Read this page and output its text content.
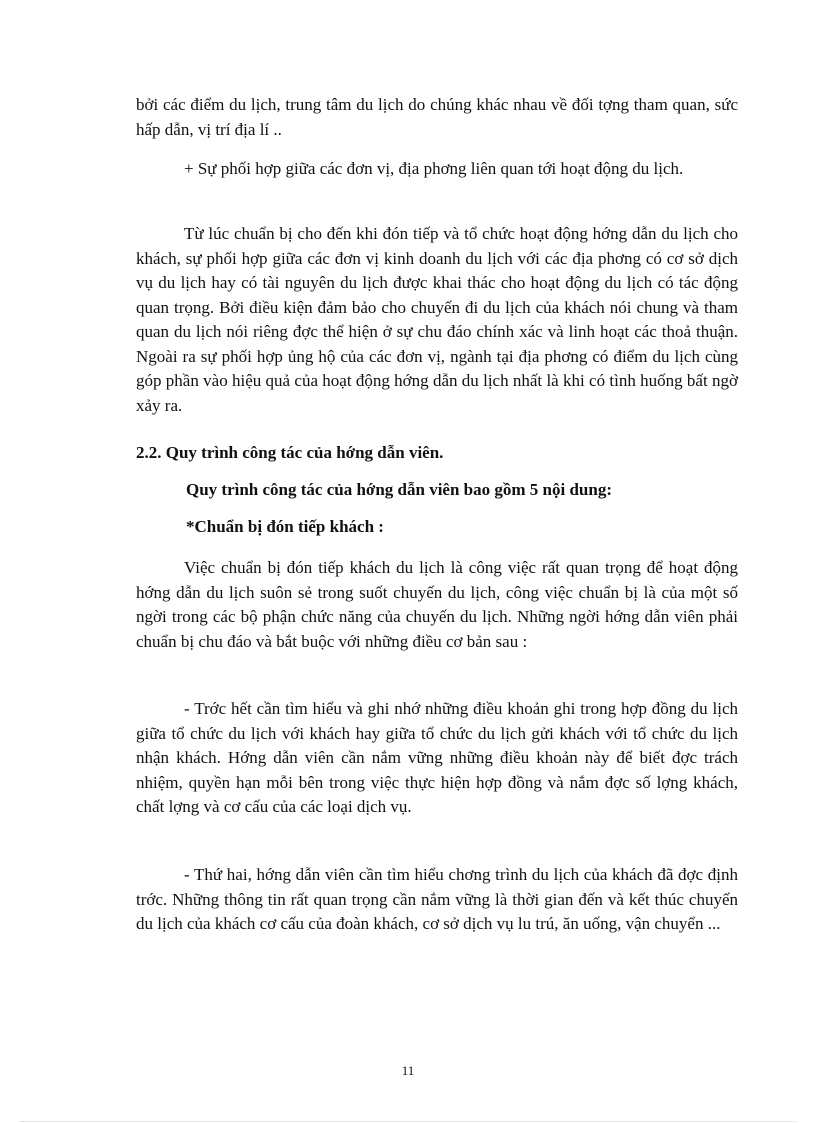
bởi các điểm du lịch, trung tâm du lịch do chúng khác nhau về đối tợng tham quan, sức hấp dẫn, vị trí địa lí ..

+ Sự phối hợp giữa các đơn vị, địa phơng liên quan tới hoạt động du lịch.

Từ lúc chuẩn bị cho đến khi đón tiếp và tổ chức hoạt động hớng dẫn du lịch cho khách, sự phối hợp giữa các đơn vị kinh doanh du lịch với các địa phơng có cơ sở dịch vụ du lịch hay có tài nguyên du lịch được khai thác cho hoạt động du lịch có tác động quan trọng. Bởi điều kiện đảm bảo cho chuyến đi du lịch của khách nói chung và tham quan du lịch nói riêng đợc thể hiện ở sự chu đáo chính xác và linh hoạt các thoả thuận. Ngoài ra sự phối hợp ủng hộ của các đơn vị, ngành tại địa phơng có điểm du lịch cùng góp phần vào hiệu quả của hoạt động hớng dẫn du lịch nhất là khi có tình huống bất ngờ xảy ra.

2.2. Quy trình công tác của hớng dẫn viên.
Quy trình công tác của hớng dẫn viên bao gồm 5 nội dung:
*Chuẩn bị đón tiếp khách :

Việc chuẩn bị đón tiếp khách du lịch là công việc rất quan trọng để hoạt động hớng dẫn du lịch suôn sẻ trong suốt chuyến du lịch, công việc chuẩn bị là của một số ngời trong các bộ phận chức năng của chuyến du lịch. Những ngời hớng dẫn viên phải chuẩn bị chu đáo và bắt buộc với những điều cơ bản sau :

- Trớc hết cần tìm hiểu và ghi nhớ những điều khoản ghi trong hợp đồng du lịch giữa tổ chức du lịch với khách hay giữa tổ chức du lịch gửi khách với tổ chức du lịch nhận khách. Hớng dẫn viên cần nắm vững những điều khoản này để biết đợc trách nhiệm, quyền hạn mỗi bên trong việc thực hiện hợp đồng và nắm đợc số lợng khách, chất lợng và cơ cấu của các loại dịch vụ.

- Thứ hai, hớng dẫn viên cần tìm hiểu chơng trình du lịch của khách đã đợc định trớc. Những thông tin rất quan trọng cần nắm vững là thời gian đến và kết thúc chuyến du lịch của khách cơ cấu của đoàn khách, cơ sở dịch vụ lu trú, ăn uống, vận chuyển ...

11
